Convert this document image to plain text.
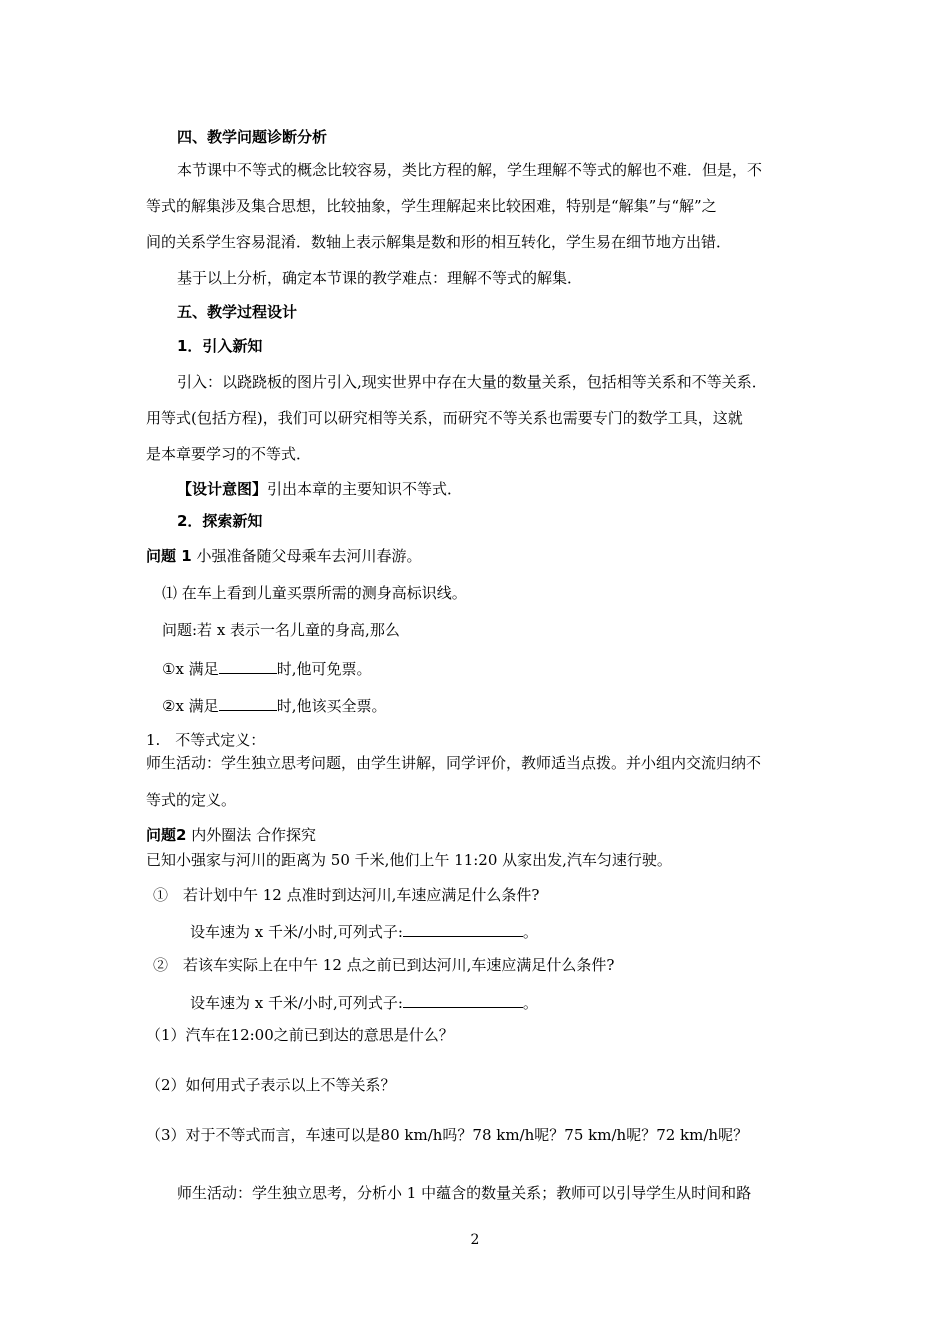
四、教学问题诊断分析
本节课中不等式的概念比较容易，类比方程的解，学生理解不等式的解也不难．但是，不
等式的解集涉及集合思想，比较抽象，学生理解起来比较困难，特别是“解集”与“解”之
间的关系学生容易混淆．数轴上表示解集是数和形的相互转化，学生易在细节地方出错．
基于以上分析，确定本节课的教学难点：理解不等式的解集．
五、教学过程设计
1．引入新知
引入：以跷跷板的图片引入,现实世界中存在大量的数量关系，包括相等关系和不等关系．
用等式(包括方程)，我们可以研究相等关系，而研究不等关系也需要专门的数学工具，这就
是本章要学习的不等式．
【设计意图】引出本章的主要知识不等式．
2．探索新知
问题 1 小强准备随父母乘车去河川春游。
⑴ 在车上看到儿童买票所需的测身高标识线。
问题:若 x 表示一名儿童的身高,那么
①x 满足	时,他可免票。
②x 满足	时,他该买全票。
1.　不等式定义：
师生活动：学生独立思考问题，由学生讲解，同学评价，教师适当点拨。并小组内交流归纳不
等式的定义。
问题2 内外圈法 合作探究
已知小强家与河川的距离为 50 千米,他们上午 11:20 从家出发,汽车匀速行驶。
①　若计划中午 12 点准时到达河川,车速应满足什么条件?
设车速为 x 千米/小时,可列式子:	。
②　若该车实际上在中午 12 点之前已到达河川,车速应满足什么条件?
设车速为 x 千米/小时,可列式子:	。
（1）汽车在12:00之前已到达的意思是什么？
（2）如何用式子表示以上不等关系？
（3）对于不等式而言，车速可以是80 km/h吗？78 km/h呢？75 km/h呢？72 km/h呢？
师生活动：学生独立思考，分析小 1 中蕴含的数量关系；教师可以引导学生从时间和路
2
